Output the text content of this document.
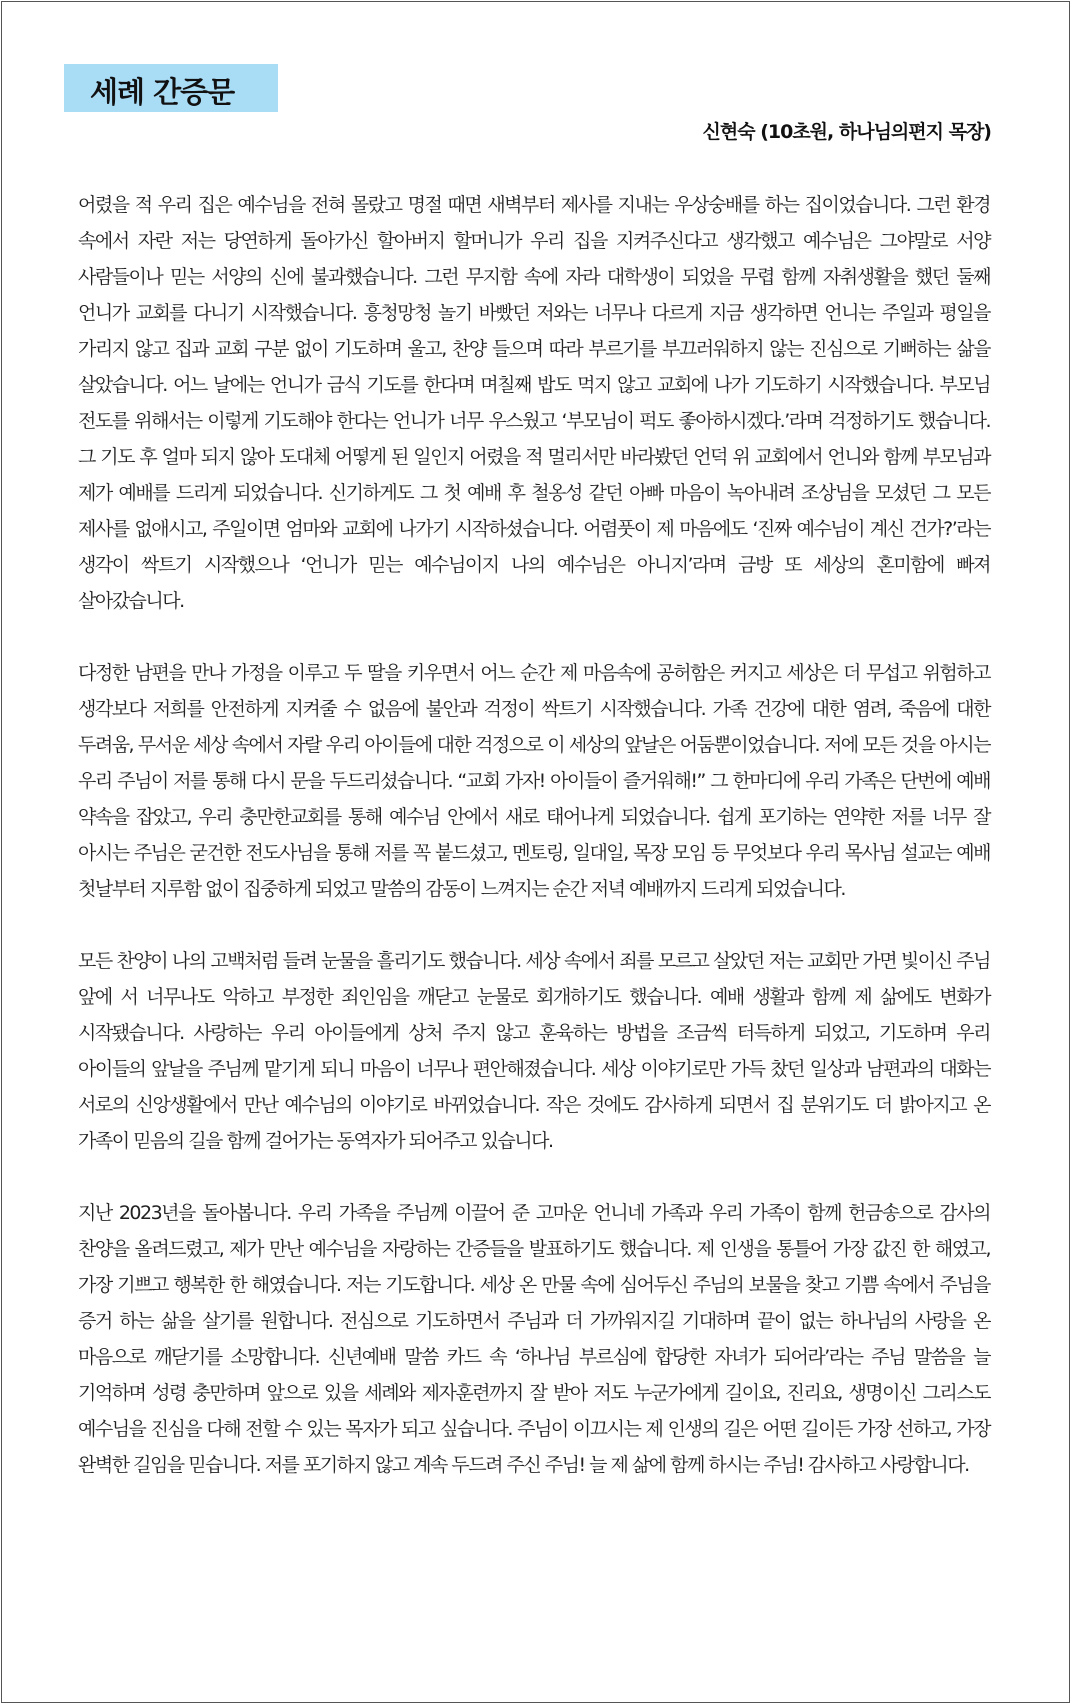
세례 간증문
신현숙 (10초원, 하나님의편지 목장)

어렸을 적 우리 집은 예수님을 전혀 몰랐고 명절 때면 새벽부터 제사를 지내는 우상숭배를 하는 집이었습니다. 그런 환경 속에서 자란 저는 당연하게 돌아가신 할아버지 할머니가 우리 집을 지켜주신다고 생각했고 예수님은 그야말로 서양 사람들이나 믿는 서양의 신에 불과했습니다. 그런 무지함 속에 자라 대학생이 되었을 무렵 함께 자취생활을 했던 둘째 언니가 교회를 다니기 시작했습니다. 흥청망청 놀기 바빴던 저와는 너무나 다르게 지금 생각하면 언니는 주일과 평일을 가리지 않고 집과 교회 구분 없이 기도하며 울고, 찬양 들으며 따라 부르기를 부끄러워하지 않는 진심으로 기뻐하는 삶을 살았습니다. 어느 날에는 언니가 금식 기도를 한다며 며칠째 밥도 먹지 않고 교회에 나가 기도하기 시작했습니다. 부모님 전도를 위해서는 이렇게 기도해야 한다는 언니가 너무 우스웠고 ‘부모님이 퍽도 좋아하시겠다.’라며 걱정하기도 했습니다. 그 기도 후 얼마 되지 않아 도대체 어떻게 된 일인지 어렸을 적 멀리서만 바라봤던 언덕 위 교회에서 언니와 함께 부모님과 제가 예배를 드리게 되었습니다. 신기하게도 그 첫 예배 후 철옹성 같던 아빠 마음이 녹아내려 조상님을 모셨던 그 모든 제사를 없애시고, 주일이면 엄마와 교회에 나가기 시작하셨습니다. 어렴풋이 제 마음에도 ‘진짜 예수님이 계신 건가?’라는 생각이 싹트기 시작했으나 ‘언니가 믿는 예수님이지 나의 예수님은 아니지’라며 금방 또 세상의 혼미함에 빠져 살아갔습니다.

다정한 남편을 만나 가정을 이루고 두 딸을 키우면서 어느 순간 제 마음속에 공허함은 커지고 세상은 더 무섭고 위험하고 생각보다 저희를 안전하게 지켜줄 수 없음에 불안과 걱정이 싹트기 시작했습니다. 가족 건강에 대한 염려, 죽음에 대한 두려움, 무서운 세상 속에서 자랄 우리 아이들에 대한 걱정으로 이 세상의 앞날은 어둠뿐이었습니다. 저에 모든 것을 아시는 우리 주님이 저를 통해 다시 문을 두드리셨습니다. “교회 가자! 아이들이 즐거워해!” 그 한마디에 우리 가족은 단번에 예배 약속을 잡았고, 우리 충만한교회를 통해 예수님 안에서 새로 태어나게 되었습니다. 쉽게 포기하는 연약한 저를 너무 잘 아시는 주님은 굳건한 전도사님을 통해 저를 꼭 붙드셨고, 멘토링, 일대일, 목장 모임 등 무엇보다 우리 목사님 설교는 예배 첫날부터 지루함 없이 집중하게 되었고 말씀의 감동이 느껴지는 순간 저녁 예배까지 드리게 되었습니다.

모든 찬양이 나의 고백처럼 들려 눈물을 흘리기도 했습니다. 세상 속에서 죄를 모르고 살았던 저는 교회만 가면 빛이신 주님 앞에 서 너무나도 악하고 부정한 죄인임을 깨닫고 눈물로 회개하기도 했습니다. 예배 생활과 함께 제 삶에도 변화가 시작됐습니다. 사랑하는 우리 아이들에게 상처 주지 않고 훈육하는 방법을 조금씩 터득하게 되었고, 기도하며 우리 아이들의 앞날을 주님께 맡기게 되니 마음이 너무나 편안해졌습니다. 세상 이야기로만 가득 찼던 일상과 남편과의 대화는 서로의 신앙생활에서 만난 예수님의 이야기로 바뀌었습니다. 작은 것에도 감사하게 되면서 집 분위기도 더 밝아지고 온 가족이 믿음의 길을 함께 걸어가는 동역자가 되어주고 있습니다.

지난 2023년을 돌아봅니다. 우리 가족을 주님께 이끌어 준 고마운 언니네 가족과 우리 가족이 함께 헌금송으로 감사의 찬양을 올려드렸고, 제가 만난 예수님을 자랑하는 간증들을 발표하기도 했습니다. 제 인생을 통틀어 가장 값진 한 해였고, 가장 기쁘고 행복한 한 해였습니다. 저는 기도합니다. 세상 온 만물 속에 심어두신 주님의 보물을 찾고 기쁨 속에서 주님을 증거 하는 삶을 살기를 원합니다. 전심으로 기도하면서 주님과 더 가까워지길 기대하며 끝이 없는 하나님의 사랑을 온 마음으로 깨닫기를 소망합니다. 신년예배 말씀 카드 속 ‘하나님 부르심에 합당한 자녀가 되어라’라는 주님 말씀을 늘 기억하며 성령 충만하며 앞으로 있을 세례와 제자훈련까지 잘 받아 저도 누군가에게 길이요, 진리요, 생명이신 그리스도 예수님을 진심을 다해 전할 수 있는 목자가 되고 싶습니다. 주님이 이끄시는 제 인생의 길은 어떤 길이든 가장 선하고, 가장 완벽한 길임을 믿습니다. 저를 포기하지 않고 계속 두드려 주신 주님! 늘 제 삶에 함께 하시는 주님! 감사하고 사랑합니다.
